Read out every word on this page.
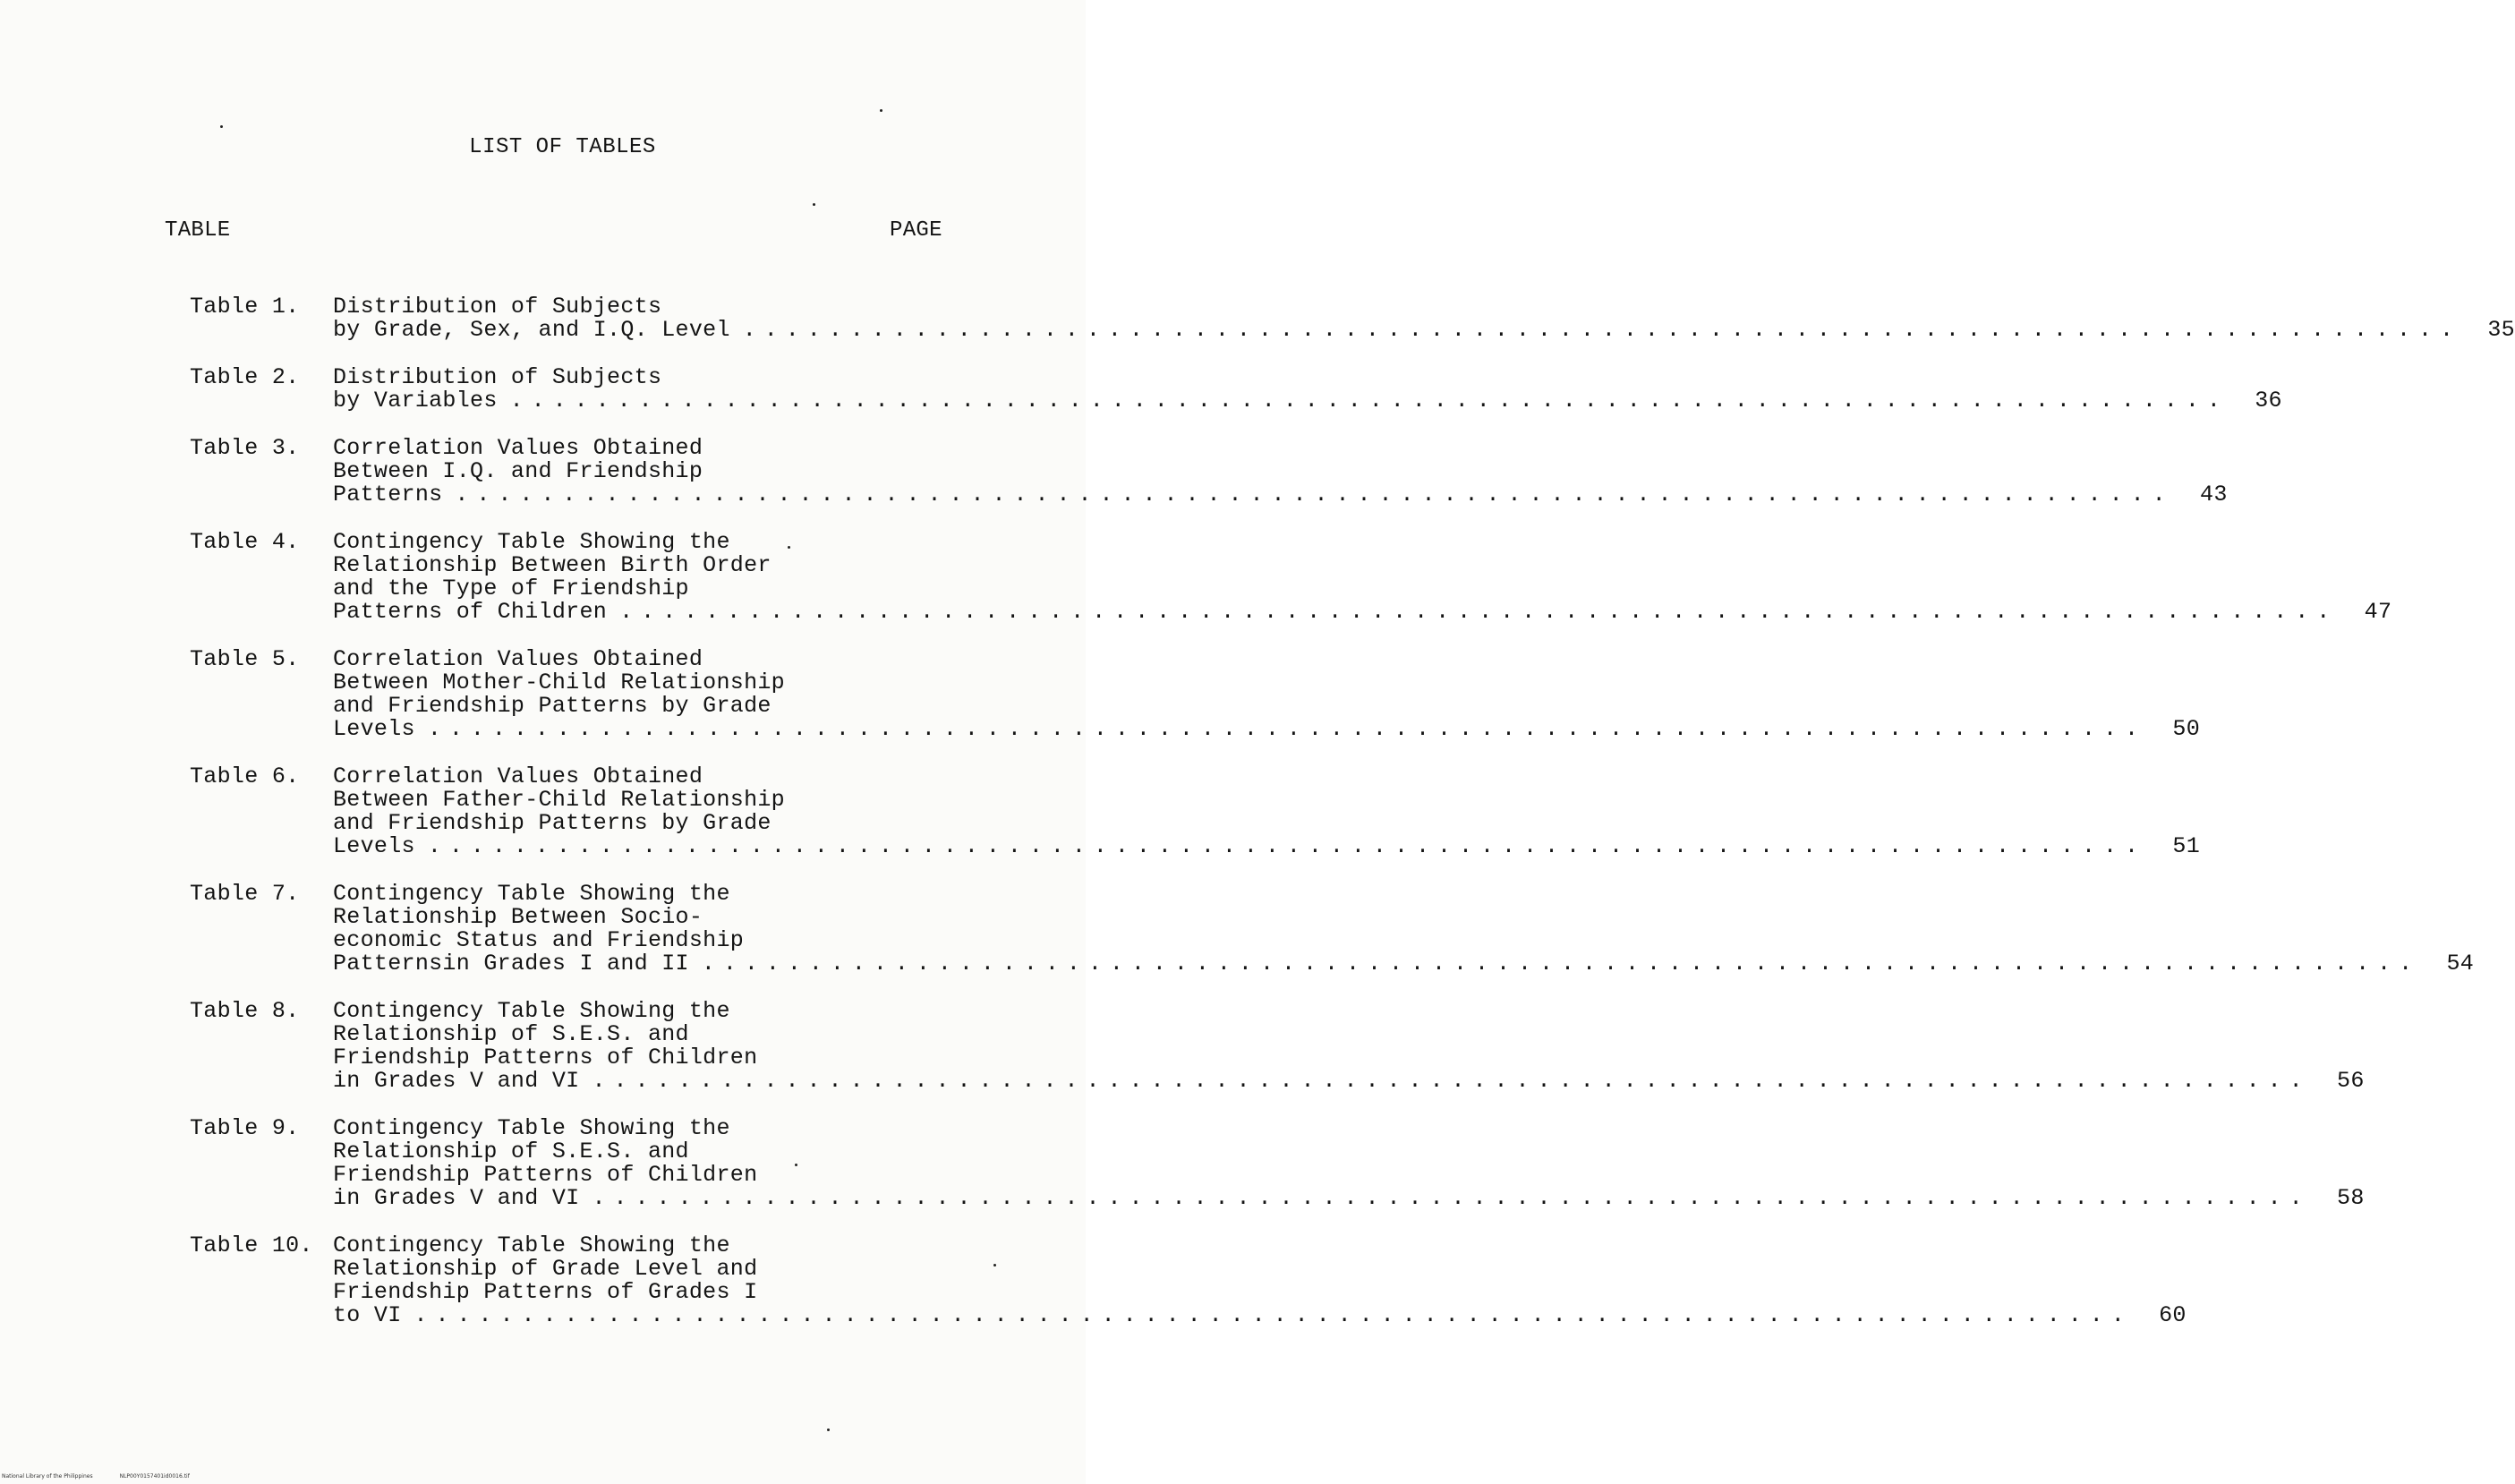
LIST OF TABLES
TABLE	PAGE
Table 1.	Distribution of Subjects
by Grade, Sex, and I.Q. Level ................................................................................	35
Table 2.	Distribution of Subjects
by Variables ................................................................................	36
Table 3.	Correlation Values Obtained
Between I.Q. and Friendship
Patterns ................................................................................	43
Table 4.	Contingency Table Showing the
Relationship Between Birth Order
and the Type of Friendship
Patterns of Children ................................................................................	47
Table 5.	Correlation Values Obtained
Between Mother-Child Relationship
and Friendship Patterns by Grade
Levels ................................................................................	50
Table 6.	Correlation Values Obtained
Between Father-Child Relationship
and Friendship Patterns by Grade
Levels ................................................................................	51
Table 7.	Contingency Table Showing the
Relationship Between Socio-
economic Status and Friendship
Patternsin Grades I and II ................................................................................	54
Table 8.	Contingency Table Showing the
Relationship of S.E.S. and
Friendship Patterns of Children
in Grades V and VI ................................................................................	56
Table 9.	Contingency Table Showing the
Relationship of S.E.S. and
Friendship Patterns of Children
in Grades V and VI ................................................................................	58
Table 10. Contingency Table Showing the
Relationship of Grade Level and
Friendship Patterns of Grades I
to VI ................................................................................	60
National Library of the Philippines	NLP00Y0157401id0016.tif
